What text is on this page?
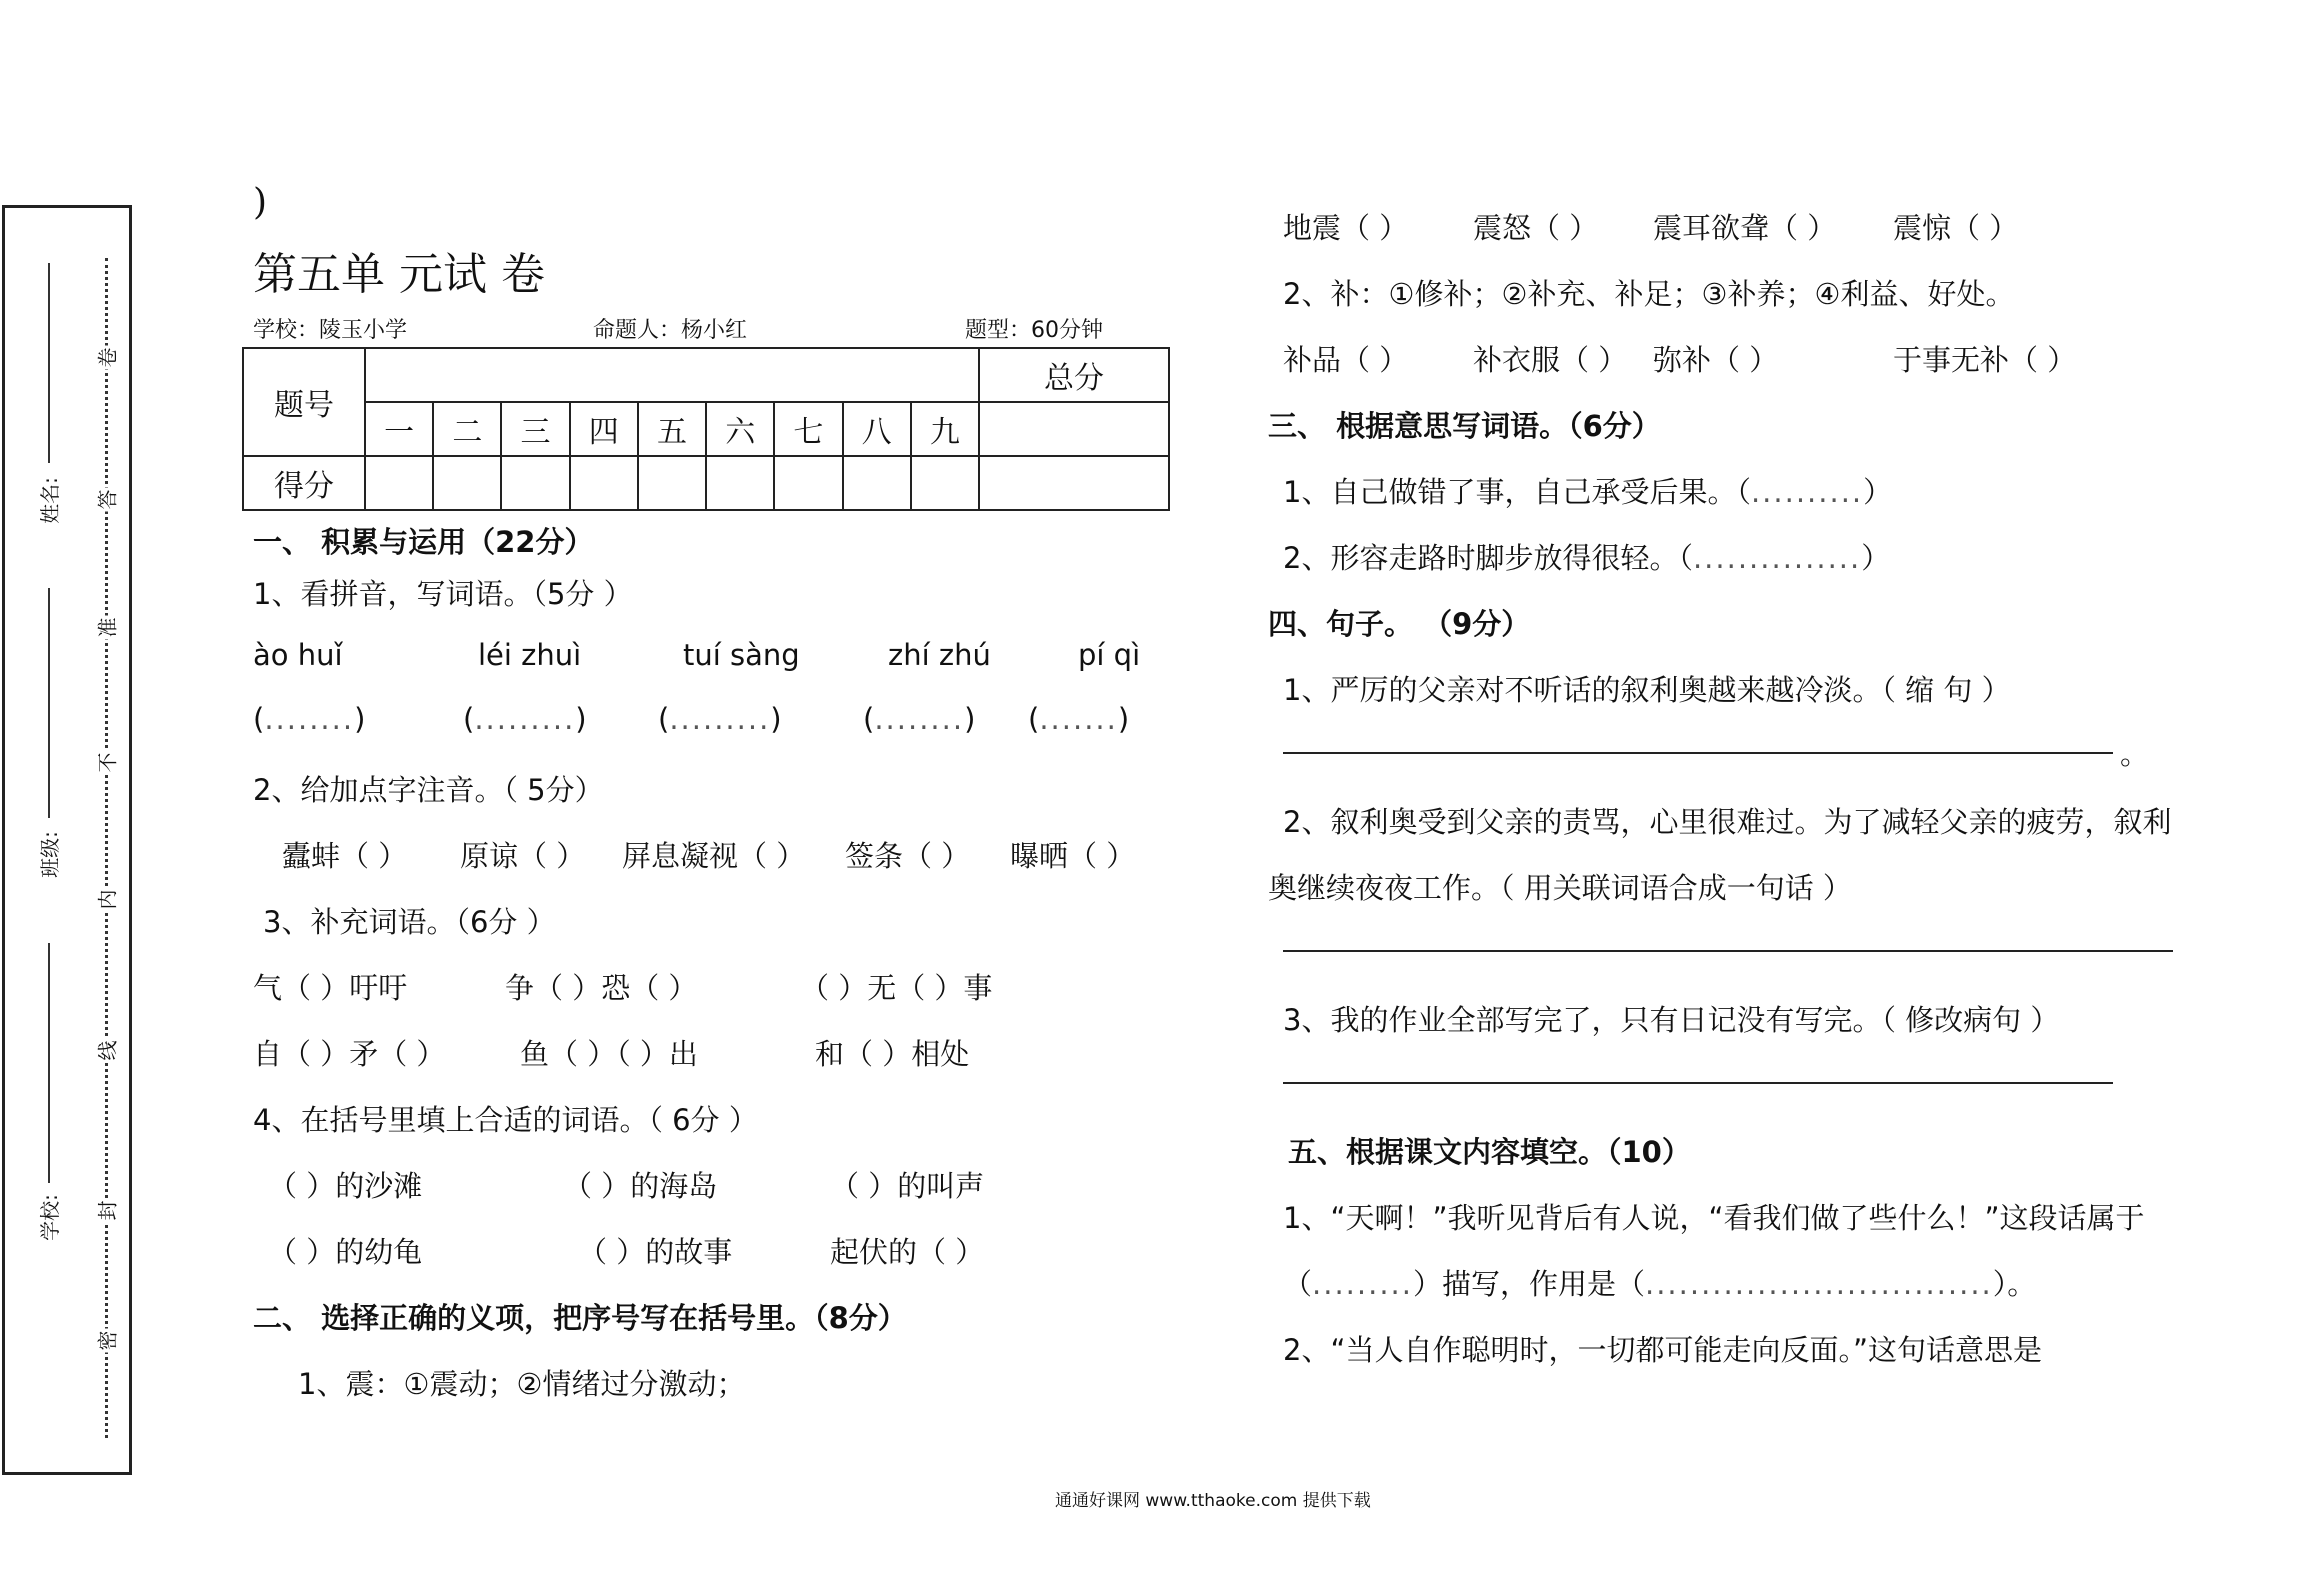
姓名:
班级:
学校:
卷
答
准
不
内
线
封
密
)
第五单 元试 卷
学校：陵玉小学	命题人：杨小红	题型：60分钟
题号										总分
	一	二	三	四	五	六	七	八	九	
得分										
一、 积累与运用（22分）
1、看拼音，写词语。（5分 ）
ào huǐ	léi zhuì	tuí sàng	zhí zhú	pí qì
(........)	(.........) (.........)	(........) (.......)
2、给加点字注音。（ 5分）
蠹蚌（ ） 原谅（ ） 屏息凝视（ ） 签条（ ） 曝晒（ ）
3、补充词语。（6分 ）
气（ ）吁吁	争（ ）恐（ ）	（ ）无（ ）事
自（ ）矛（ ）	鱼（ ）（ ）出	和（ ）相处
4、在括号里填上合适的词语。（ 6分 ）
（ ）的沙滩	（ ）的海岛	（ ）的叫声
（ ）的幼龟	（ ）的故事	起伏的（ ）
二、 选择正确的义项，把序号写在括号里。（8分）
1、震：①震动；②情绪过分激动；
地震（ ） 震怒（ ） 震耳欲聋（ ） 震惊（ ）
2、补：①修补；②补充、补足；③补养；④利益、好处。
补品（ ） 补衣服（ ） 弥补（ ）	于事无补（ ）
三、 根据意思写词语。（6分）
1、自己做错了事，自己承受后果。（..........）
2、形容走路时脚步放得很轻。（...............）
四、句子。 （9分）
1、严厉的父亲对不听话的叙利奥越来越冷淡。（ 缩 句 ）
。
2、叙利奥受到父亲的责骂，心里很难过。为了减轻父亲的疲劳，叙利
奥继续夜夜工作。（ 用关联词语合成一句话 ）
3、我的作业全部写完了，只有日记没有写完。（ 修改病句 ）
五、根据课文内容填空。（10）
1、“天啊！”我听见背后有人说，“看我们做了些什么！”这段话属于
（.........）描写，作用是（...............................）。
2、“当人自作聪明时，一切都可能走向反面。”这句话意思是
通通好课网 www.tthaoke.com 提供下载
